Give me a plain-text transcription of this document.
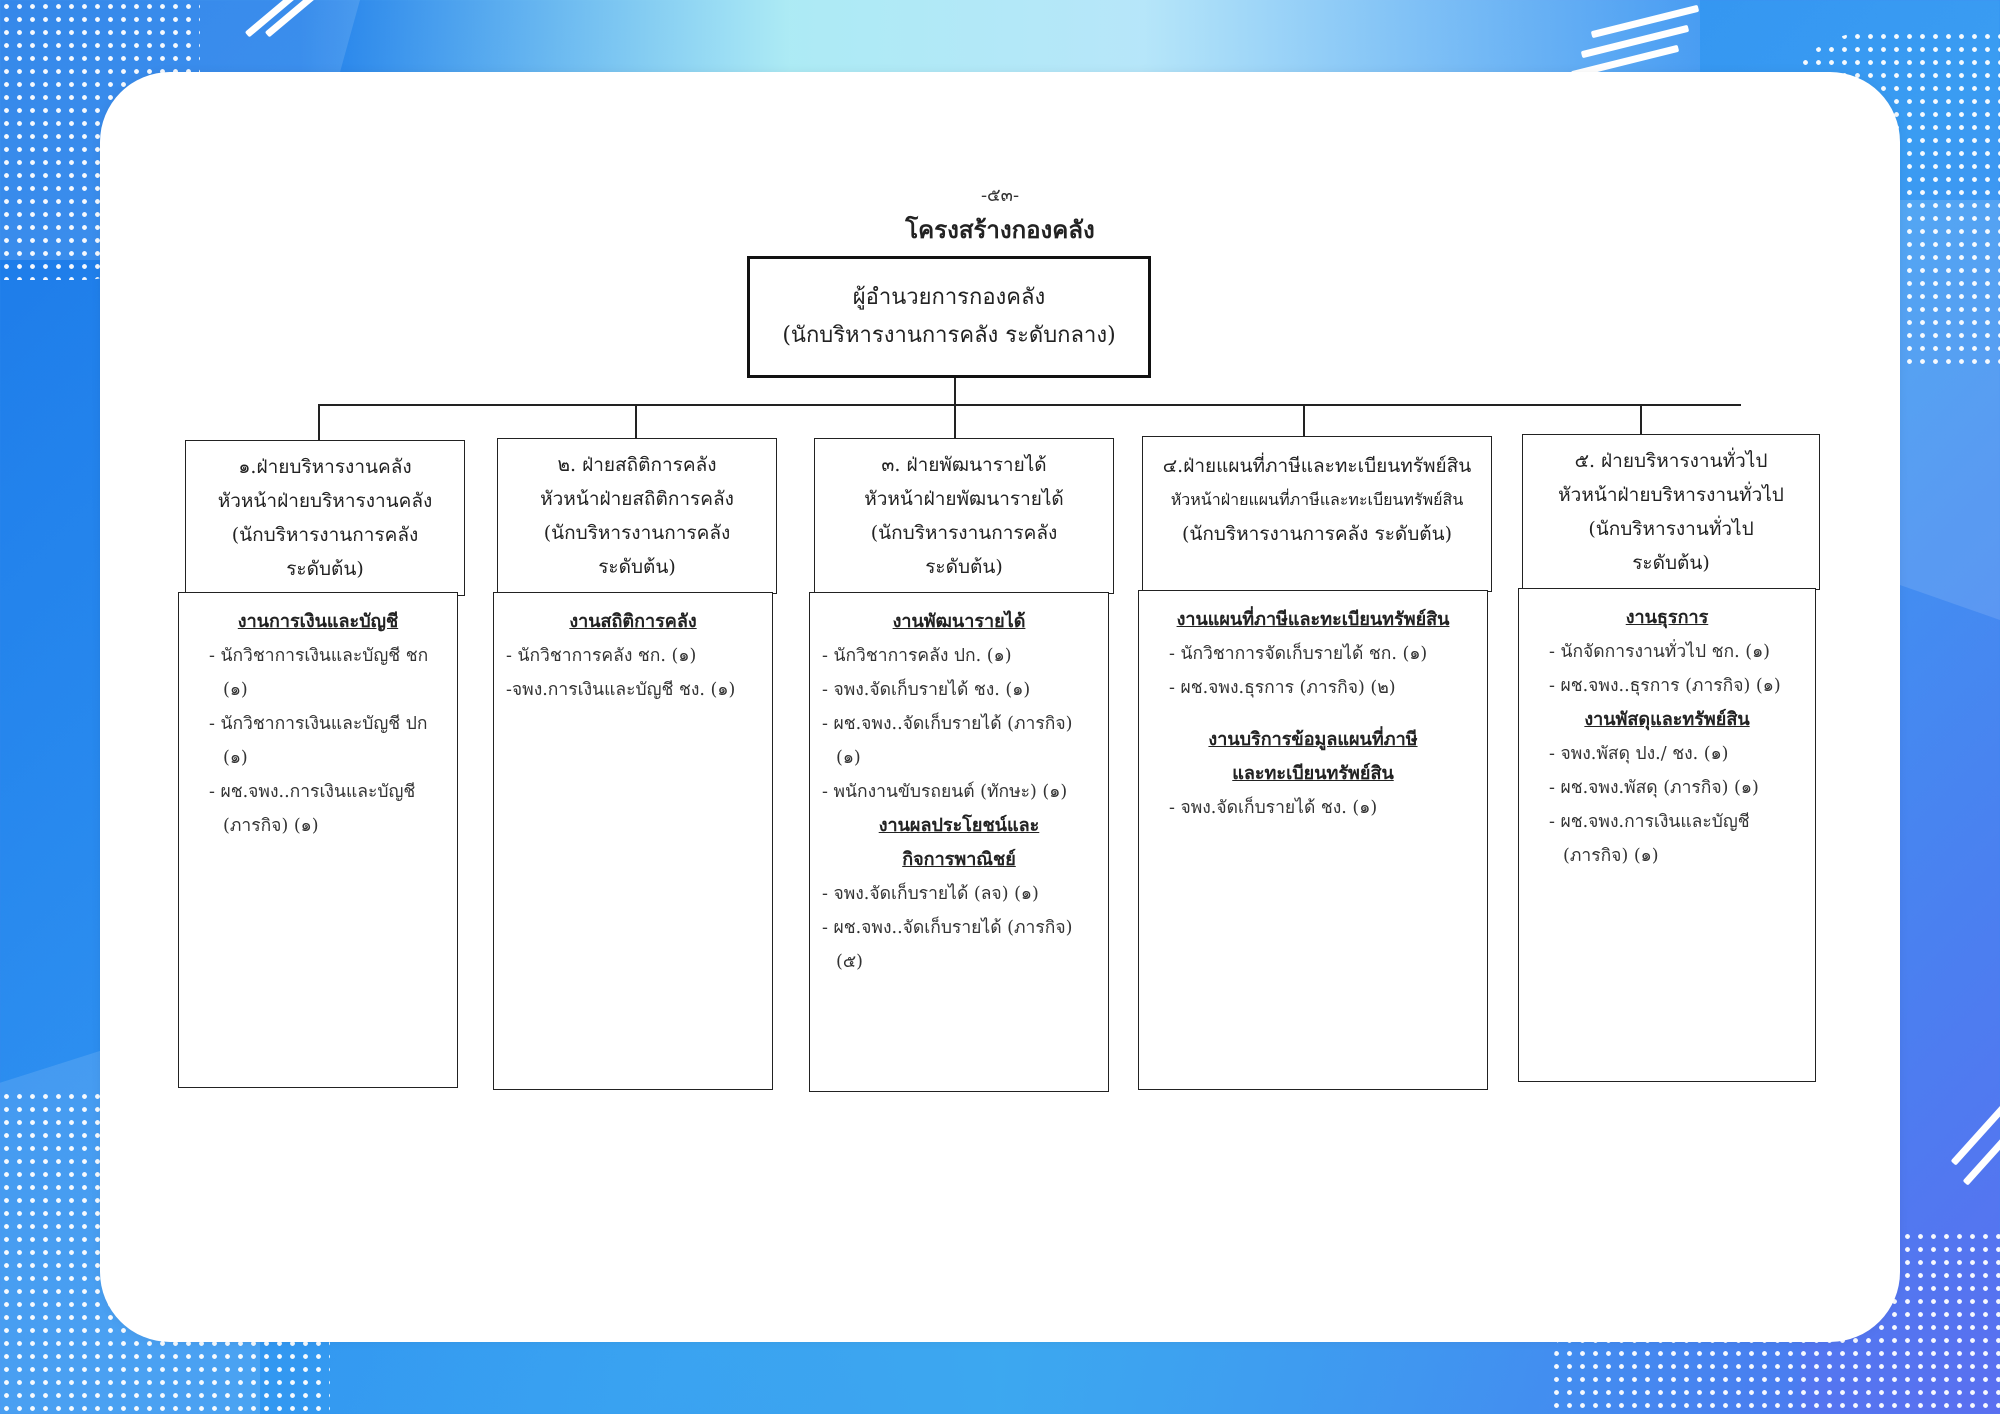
-๕๓-
โครงสร้างกองคลัง
ผู้อำนวยการกองคลัง
(นักบริหารงานการคลัง ระดับกลาง)
๑.ฝ่ายบริหารงานคลัง
หัวหน้าฝ่ายบริหารงานคลัง
(นักบริหารงานการคลัง
ระดับต้น)
งานการเงินและบัญชี
- นักวิชาการเงินและบัญชี ชก (๑)
- นักวิชาการเงินและบัญชี ปก (๑)
- ผช.จพง..การเงินและบัญชี (ภารกิจ) (๑)
๒. ฝ่ายสถิติการคลัง
หัวหน้าฝ่ายสถิติการคลัง
(นักบริหารงานการคลัง
ระดับต้น)
งานสถิติการคลัง
- นักวิชาการคลัง ชก. (๑)
-จพง.การเงินและบัญชี ชง. (๑)
๓. ฝ่ายพัฒนารายได้
หัวหน้าฝ่ายพัฒนารายได้
(นักบริหารงานการคลัง
ระดับต้น)
งานพัฒนารายได้
- นักวิชาการคลัง ปก. (๑)
- จพง.จัดเก็บรายได้ ชง. (๑)
- ผช.จพง..จัดเก็บรายได้ (ภารกิจ) (๑)
- พนักงานขับรถยนต์ (ทักษะ) (๑)
งานผลประโยชน์และกิจการพาณิชย์
- จพง.จัดเก็บรายได้ (ลจ) (๑)
- ผช.จพง..จัดเก็บรายได้ (ภารกิจ) (๕)
๔.ฝ่ายแผนที่ภาษีและทะเบียนทรัพย์สิน
หัวหน้าฝ่ายแผนที่ภาษีและทะเบียนทรัพย์สิน
(นักบริหารงานการคลัง ระดับต้น)
งานแผนที่ภาษีและทะเบียนทรัพย์สิน
- นักวิชาการจัดเก็บรายได้ ชก. (๑)
- ผช.จพง.ธุรการ (ภารกิจ) (๒)
งานบริการข้อมูลแผนที่ภาษีและทะเบียนทรัพย์สิน
- จพง.จัดเก็บรายได้ ชง. (๑)
๕. ฝ่ายบริหารงานทั่วไป
หัวหน้าฝ่ายบริหารงานทั่วไป
(นักบริหารงานทั่วไป
ระดับต้น)
งานธุรการ
- นักจัดการงานทั่วไป ชก. (๑)
- ผช.จพง..ธุรการ (ภารกิจ) (๑)
งานพัสดุและทรัพย์สิน
- จพง.พัสดุ ปง./ ชง. (๑)
- ผช.จพง.พัสดุ (ภารกิจ) (๑)
- ผช.จพง.การเงินและบัญชี (ภารกิจ) (๑)
